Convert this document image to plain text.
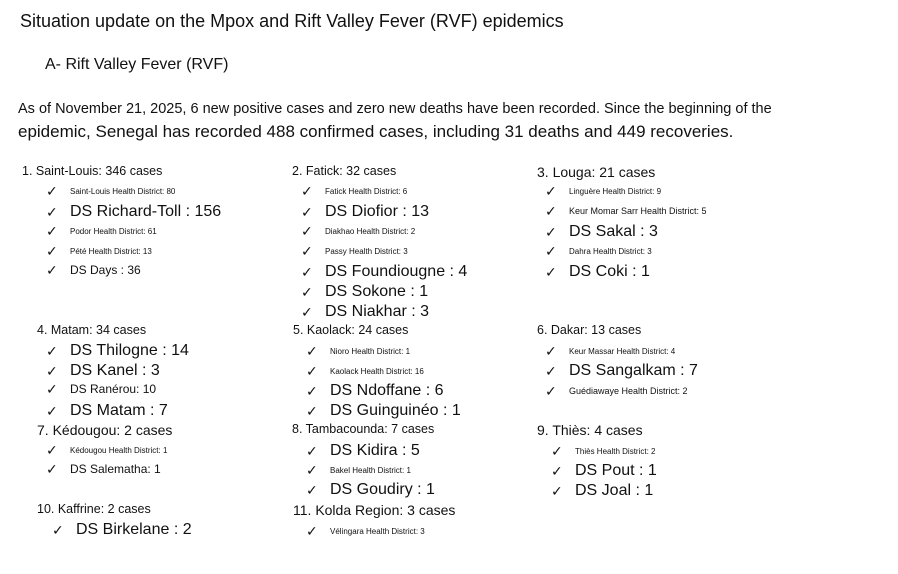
Situation update on the Mpox and Rift Valley Fever (RVF) epidemics
A- Rift Valley Fever (RVF)
As of November 21, 2025, 6 new positive cases and zero new deaths have been recorded. Since the beginning of the
epidemic, Senegal has recorded 488 confirmed cases, including 31 deaths and 449 recoveries.
1. Saint-Louis: 346 cases
✓ Saint-Louis Health District: 80
✓ DS Richard-Toll : 156
✓ Podor Health District: 61
✓ Pété Health District: 13
✓ DS Days : 36
2. Fatick: 32 cases
✓ Fatick Health District: 6
✓ DS Diofior : 13
✓ Diakhao Health District: 2
✓ Passy Health District: 3
✓ DS Foundiougne : 4
✓ DS Sokone : 1
✓ DS Niakhar : 3
3. Louga: 21 cases
✓ Linguère Health District: 9
✓ Keur Momar Sarr Health District: 5
✓ DS Sakal : 3
✓ Dahra Health District: 3
✓ DS Coki : 1
4. Matam: 34 cases
✓ DS Thilogne : 14
✓ DS Kanel : 3
✓ DS Ranérou: 10
✓ DS Matam : 7
5. Kaolack: 24 cases
✓ Nioro Health District: 1
✓ Kaolack Health District: 16
✓ DS Ndoffane : 6
✓ DS Guinguinéo : 1
6. Dakar: 13 cases
✓ Keur Massar Health District: 4
✓ DS Sangalkam : 7
✓ Guédiawaye Health District: 2
7. Kédougou: 2 cases
✓ Kédougou Health District: 1
✓ DS Salematha: 1
8. Tambacounda: 7 cases
✓ DS Kidira : 5
✓ Bakel Health District: 1
✓ DS Goudiry : 1
9. Thiès: 4 cases
✓ Thiès Health District: 2
✓ DS Pout : 1
✓ DS Joal : 1
10. Kaffrine: 2 cases
✓ DS Birkelane : 2
11. Kolda Region: 3 cases
✓ Vélingara Health District: 3
